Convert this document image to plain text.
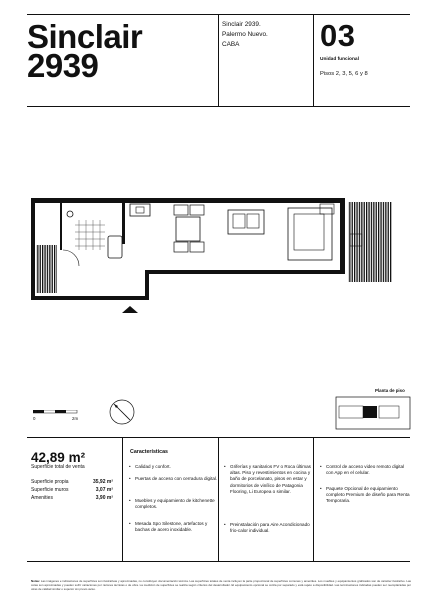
Sinclair
2939
Sinclair 2939.
Palermo Nuevo.
CABA	03
Unidad funcional
Pisos 2, 3, 5, 6 y 8
Planta de piso
0	2m
42,89 m²
Superficie total de venta
Superficie propia	35,92 m²
Superficie muros	3,07 m²
Amenities	3,90 m²
Características
• Calidad y confort.
• Puertas de acceso con cerradura digital.
• Muebles y equipamiento de kitchenette completos.
• Mesada Spo Silestone, artefactos y bachas de acero inoxidable.
• Griferías y sanitarios FV o Roca últimas altas. Piso y revestimientos en cocina y baño de porcelanato, pisos en estar y dormitorios de vinílico de Patagonia Flooring, Li Europea o similar.
• Preinstalación para Aire Acondicionado frio-calor individual.
• Control de acceso video remoto digital con App en el celular.
• Paquete Opcional de equipamiento completo Premium de diseño para Renta Temporaria.
Notas: Las imágenes e indicaciones de superficies son ilustrativas y aproximadas, no constituyen documentación técnica. Las superficies totales de venta incluyen la parte proporcional de superficies comunes y amenities. Los muebles y equipamientos graficados son de carácter ilustrativo. Las cotas son aproximadas y pueden sufrir variaciones por razones técnicas o de obra. La medición de superficies se realiza según criterios del desarrollador. El equipamiento opcional se cotiza por separado y está sujeto a disponibilidad. Las terminaciones indicadas pueden ser reemplazadas por otras de calidad similar o superior sin previo aviso.
